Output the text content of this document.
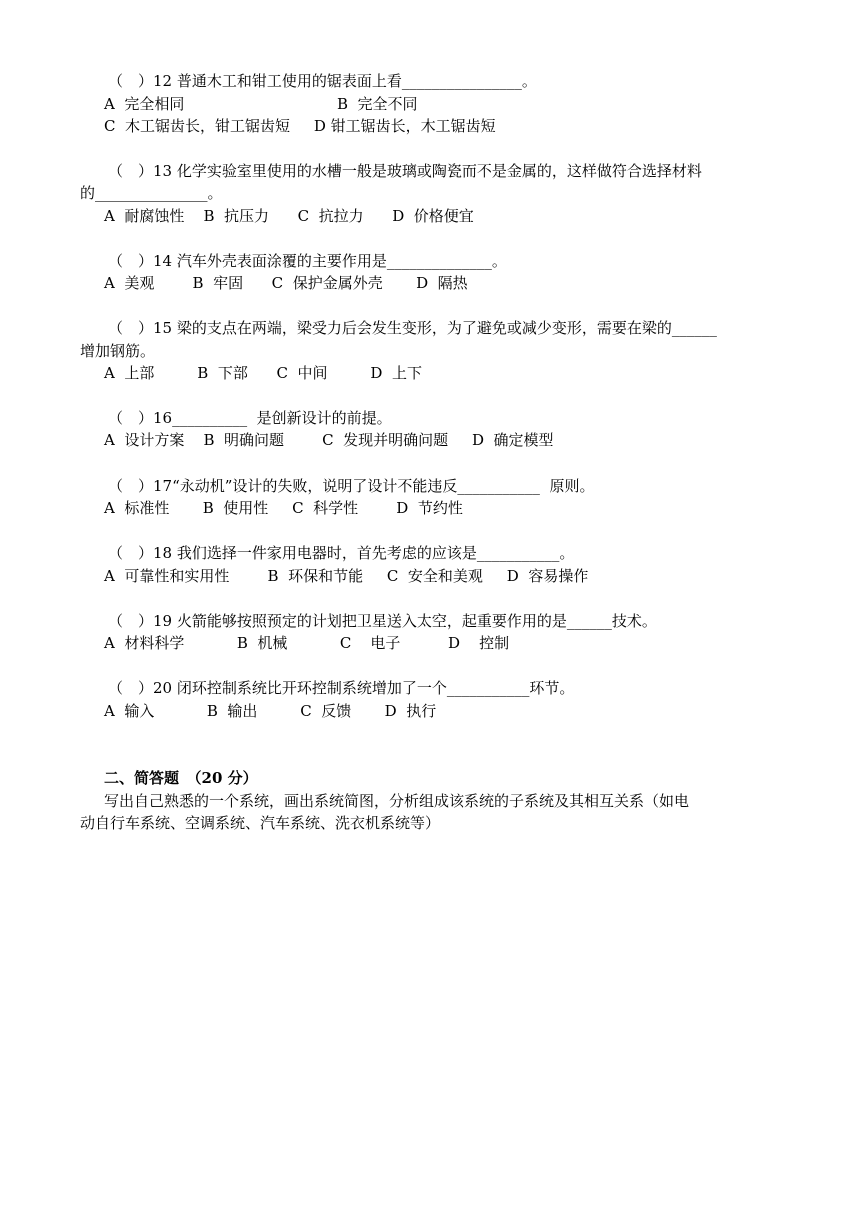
（　）12 普通木工和钳工使用的锯表面上看________________。
A  完全相同                                B  完全不同
C  木工锯齿长，钳工锯齿短     D 钳工锯齿长，木工锯齿短
（　）13 化学实验室里使用的水槽一般是玻璃或陶瓷而不是金属的，这样做符合选择材料
的_______________。
A  耐腐蚀性    B  抗压力      C  抗拉力      D  价格便宜
（　）14 汽车外壳表面涂覆的主要作用是______________。
A  美观        B  牢固      C  保护金属外壳       D  隔热
（　）15 梁的支点在两端，梁受力后会发生变形，为了避免或减少变形，需要在梁的______
增加钢筋。
A  上部         B  下部      C  中间         D  上下
（　）16__________  是创新设计的前提。
A  设计方案    B  明确问题        C  发现并明确问题     D  确定模型
（　）17“永动机”设计的失败，说明了设计不能违反___________  原则。
A  标准性       B  使用性     C  科学性        D  节约性
（　）18 我们选择一件家用电器时，首先考虑的应该是___________。
A  可靠性和实用性        B  环保和节能     C  安全和美观     D  容易操作
（　）19 火箭能够按照预定的计划把卫星送入太空，起重要作用的是______技术。
A  材料科学           B  机械           C    电子          D    控制
（　）20 闭环控制系统比开环控制系统增加了一个___________环节。
A  输入           B  输出         C  反馈       D  执行
二、简答题　（20 分）
写出自己熟悉的一个系统，画出系统简图，分析组成该系统的子系统及其相互关系（如电
动自行车系统、空调系统、汽车系统、洗衣机系统等）
